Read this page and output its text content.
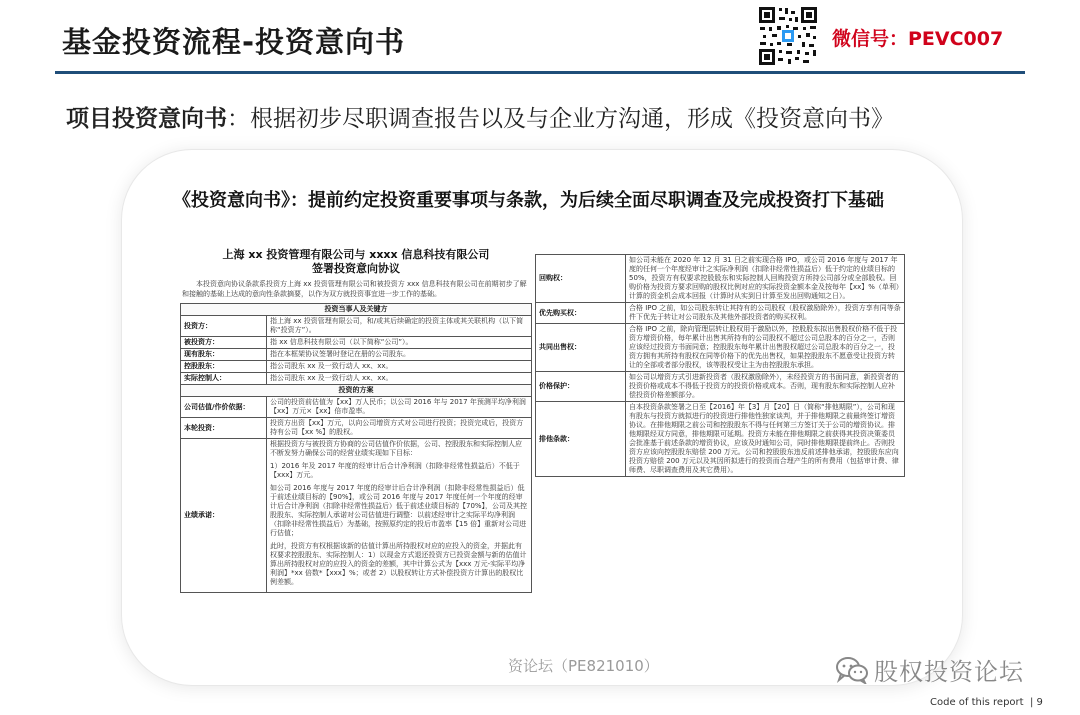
基金投资流程-投资意向书	微信号：PEVC007
项目投资意向书：根据初步尽职调查报告以及与企业方沟通，形成《投资意向书》
《投资意向书》：提前约定投资重要事项与条款，为后续全面尽职调查及完成投资打下基础
上海 xx 投资管理有限公司与 xxxx 信息科技有限公司
签署投资意向协议
本投资意向协议条款系投资方上海 xx 投资管理有限公司和被投资方 xxx 信息科技有限公司在前期初步了解和接触的基础上达成的意向性条款摘要，以作为双方就投资事宜进一步工作的基础。
投资当事人及关键方	
投资方：	指上海 xx 投资管理有限公司，和/或其后续确定的投资主体或其关联机构（以下简称“投资方”）。
被投资方：	指 xx 信息科技有限公司（以下简称“公司”）。
现有股东：	指在本框架协议签署时登记在册的公司股东。
控股股东：	指公司股东 xx 及一致行动人 xx、xx。
实际控制人：	指公司股东 xx 及一致行动人 xx、xx。
投资的方案	
公司估值/作价依据：	公司的投资前估值为【xx】万人民币；以公司 2016 年与 2017 年预测平均净利润【xx】万元×【xx】倍市盈率。
本轮投资：	投资方出资【xx】万元，以向公司增资方式对公司进行投资；投资完成后，投资方持有公司【xx %】的股权。
业绩承诺：	根据投资方与被投资方协商的公司估值作价依据，公司、控股股东和实际控制人应不断发努力确保公司的经营业绩实现如下目标：
1）2016 年及 2017 年度的经审计后合计净利润（扣除非经常性损益后）不低于【xxx】万元。
如公司 2016 年度与 2017 年度的经审计后合计净利润（扣除非经常性损益后）低于前述业绩目标的【90%】，或公司 2016 年度与 2017 年度任何一个年度的经审计后合计净利润（扣除非经常性损益后）低于前述业绩目标的【70%】，公司及其控股股东、实际控制人承诺对公司估值进行调整：以前述经审计之实际平均净利润（扣除非经常性损益后）为基础，按照原约定的投后市盈率【15 倍】重新对公司进行估值；
此时，投资方有权根据该新的估值计算出所持股权对应的应投入的资金，并据此有权要求控股股东、实际控制人：1）以现金方式退还投资方已投资金额与新的估值计算出所持股权对应的应投入的资金的差额，其中计算公式为【xxx 万元-实际平均净利润】*xx 倍数*【xxx】%；或者 2）以股权转让方式补偿投资方计算出的股权比例差额。
回购权：	如公司未能在 2020 年 12 月 31 日之前实现合格 IPO，或公司 2016 年度与 2017 年度的任何一个年度经审计之实际净利润（扣除非经常性损益后）低于约定的业绩目标的 50%，投资方有权要求控股股东和实际控制人回购投资方所持公司部分或全部股权。回购价格为投资方要求回购的股权比例对应的实际投资金额本金及按每年【xx】%（单利）计算的资金机会成本回报（计算时从实到日计算至发出回购通知之日）。
优先购买权：	合格 IPO 之前，如公司股东转让其持有的公司股权（股权激励除外），投资方享有同等条件下优先于转让对公司股东及其他外部投资者的购买权利。
共同出售权：	合格 IPO 之前，除向管理层转让股权用于激励以外，控股股东拟出售股权价格不低于投资方增资价格，每年累计出售其所持有的公司股权不超过公司总股本的百分之一，否则应该经过投资方书面同意；控股股东每年累计出售股权超过公司总股本的百分之一，投资方拥有其所持有股权在同等价格下的优先出售权，如果控股股东不愿意受让投资方转让的全部或者部分股权，该等股权受让主为由控股股东承担。
价格保护：	如公司以增资方式引进新投资者（股权激励除外），未经投资方的书面同意，新投资者的投资价格或成本不得低于投资方的投资价格或成本。否则，现有股东和实际控制人应补偿投资价格差额部分。
排他条款：	自本投资条款签署之日至【2016】年【3】月【20】日（简称“排他期限”），公司和现有股东与投资方就拟进行的投资进行排他性独家谈判，并于排他期限之前最终签订增资协议。在排他期限之前公司和控股股东不得与任何第三方签订关于公司的增资协议。排他期限经双方同意，排他期限可延期。投资方未能在排他期限之前获得其投资决策委员会批准基于前述条款的增资协议，应该及时通知公司，同时排他期限提前终止。否则投资方应该向控股股东赔偿 200 万元。公司和控股股东违反前述排他承诺，控股股东应向投资方赔偿 200 万元以及其因所拟进行的投资而合理产生的所有费用（包括审计费、律师费、尽职调查费用及其它费用）。
资论坛（PE821010）	股权投资论坛
Code of this report | 9
